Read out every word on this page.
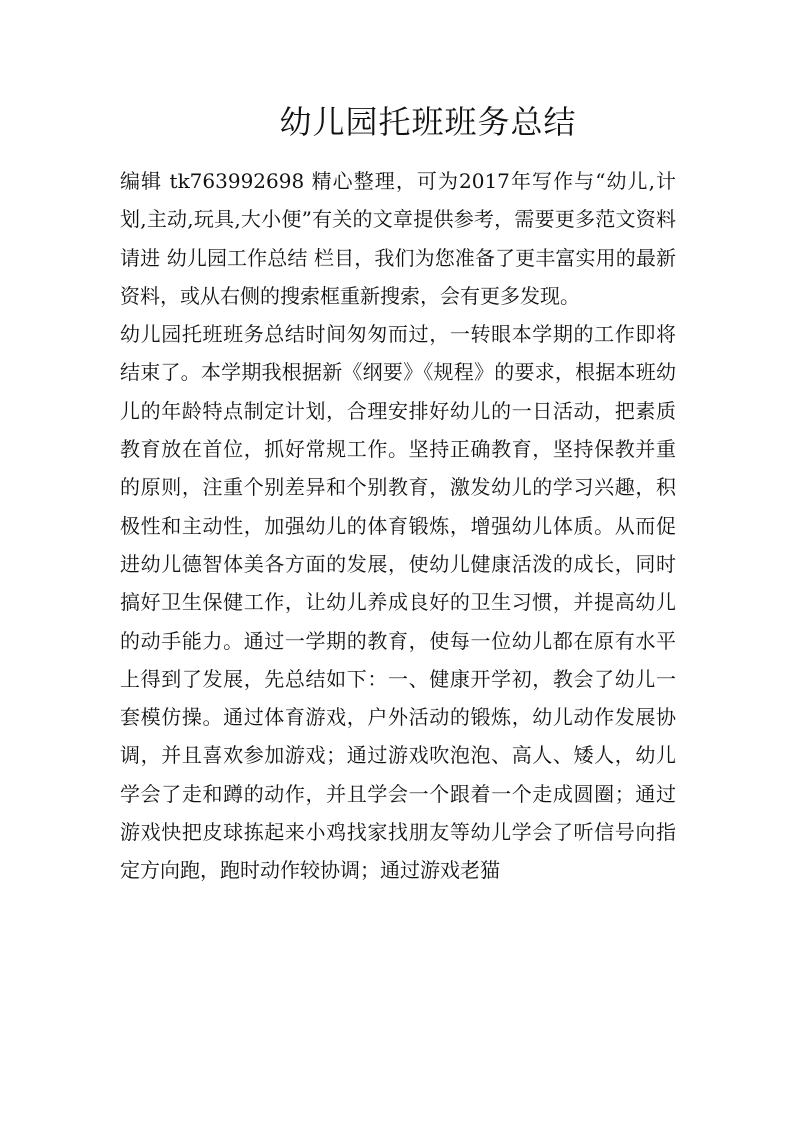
幼儿园托班班务总结

编辑 tk763992698 精心整理，可为2017年写作与“幼儿,计划,主动,玩具,大小便”有关的文章提供参考，需要更多范文资料请进 幼儿园工作总结 栏目，我们为您准备了更丰富实用的最新资料，或从右侧的搜索框重新搜索，会有更多发现。

幼儿园托班班务总结时间匆匆而过，一转眼本学期的工作即将结束了。本学期我根据新《纲要》《规程》的要求，根据本班幼儿的年龄特点制定计划，合理安排好幼儿的一日活动，把素质教育放在首位，抓好常规工作。坚持正确教育，坚持保教并重的原则，注重个别差异和个别教育，激发幼儿的学习兴趣，积极性和主动性，加强幼儿的体育锻炼，增强幼儿体质。从而促进幼儿德智体美各方面的发展，使幼儿健康活泼的成长，同时搞好卫生保健工作，让幼儿养成良好的卫生习惯，并提高幼儿的动手能力。通过一学期的教育，使每一位幼儿都在原有水平上得到了发展，先总结如下：一、健康开学初，教会了幼儿一套模仿操。通过体育游戏，户外活动的锻炼，幼儿动作发展协调，并且喜欢参加游戏；通过游戏吹泡泡、高人、矮人，幼儿学会了走和蹲的动作，并且学会一个跟着一个走成圆圈；通过游戏快把皮球拣起来小鸡找家找朋友等幼儿学会了听信号向指定方向跑，跑时动作较协调；通过游戏老猫
